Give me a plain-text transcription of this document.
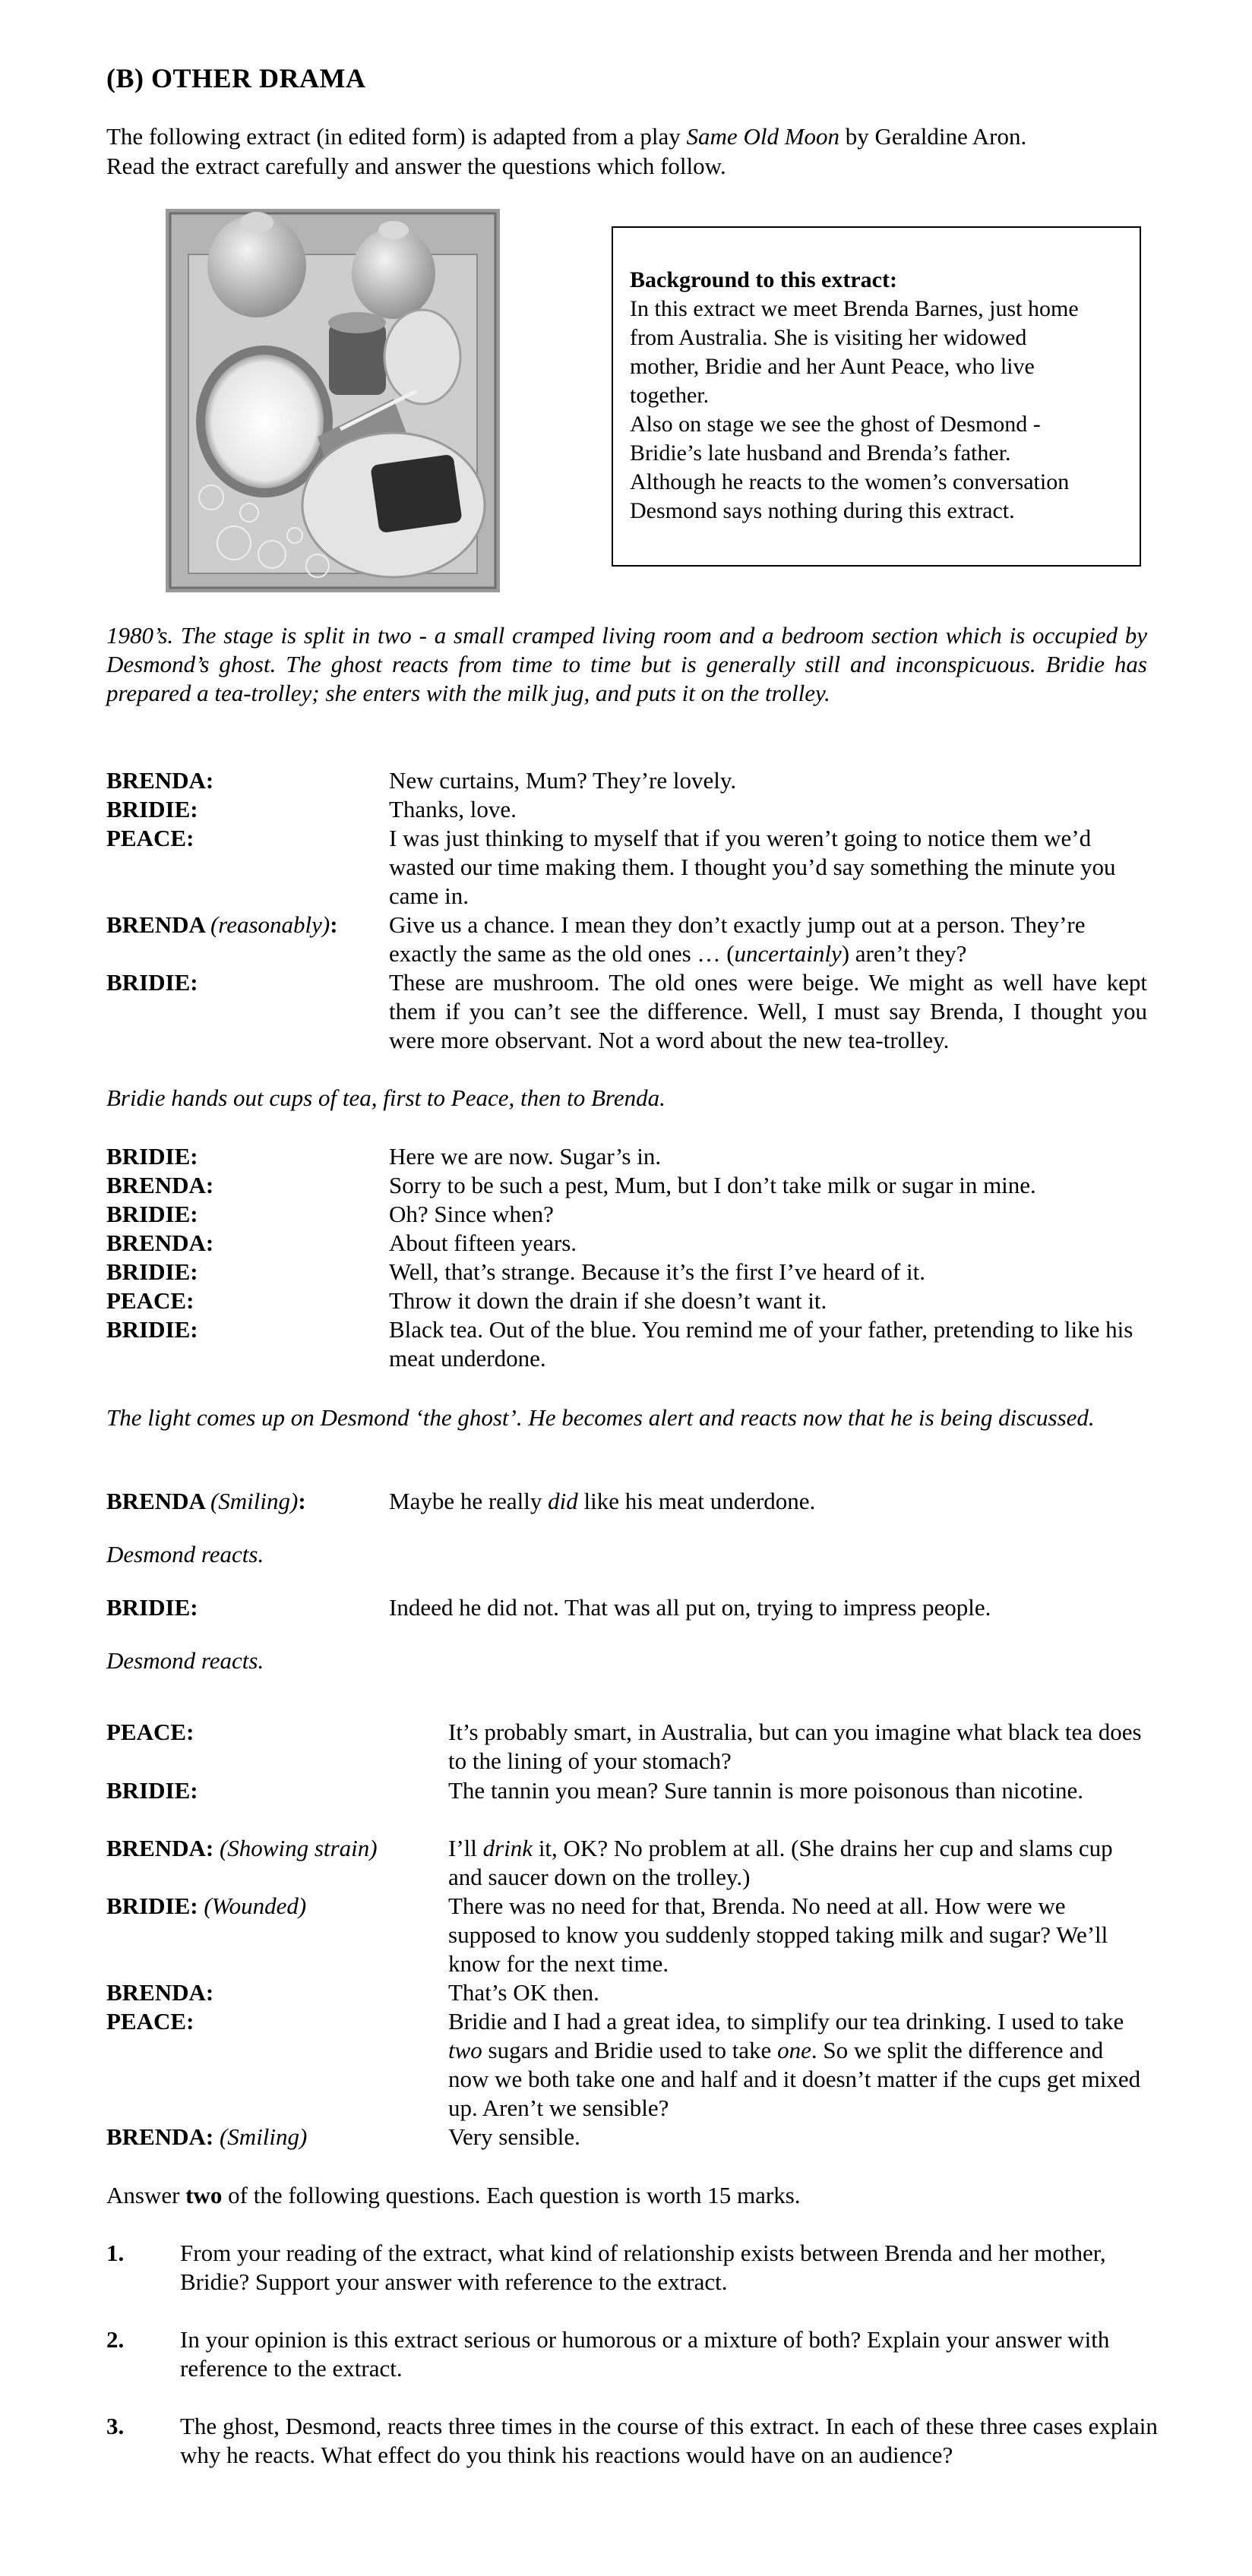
(B) OTHER DRAMA
The following extract (in edited form) is adapted from a play Same Old Moon by Geraldine Aron.
Read the extract carefully and answer the questions which follow.
Background to this extract:
In this extract we meet Brenda Barnes, just home
from Australia. She is visiting her widowed
mother, Bridie and her Aunt Peace, who live
together.
Also on stage we see the ghost of Desmond -
Bridie’s late husband and Brenda’s father.
Although he reacts to the women’s conversation
Desmond says nothing during this extract.
1980’s. The stage is split in two - a small cramped living room and a bedroom section which is occupied by Desmond’s ghost. The ghost reacts from time to time but is generally still and inconspicuous. Bridie has prepared a tea-trolley; she enters with the milk jug, and puts it on the trolley.
BRENDA:	New curtains, Mum? They’re lovely.
BRIDIE:	Thanks, love.
PEACE:	I was just thinking to myself that if you weren’t going to notice them we’d wasted our time making them. I thought you’d say something the minute you came in.
BRENDA (reasonably):	Give us a chance. I mean they don’t exactly jump out at a person. They’re exactly the same as the old ones … (uncertainly) aren’t they?
BRIDIE:	These are mushroom. The old ones were beige. We might as well have kept them if you can’t see the difference. Well, I must say Brenda, I thought you were more observant. Not a word about the new tea-trolley.
Bridie hands out cups of tea, first to Peace, then to Brenda.
BRIDIE:	Here we are now. Sugar’s in.
BRENDA:	Sorry to be such a pest, Mum, but I don’t take milk or sugar in mine.
BRIDIE:	Oh? Since when?
BRENDA:	About fifteen years.
BRIDIE:	Well, that’s strange. Because it’s the first I’ve heard of it.
PEACE:	Throw it down the drain if she doesn’t want it.
BRIDIE:	Black tea. Out of the blue. You remind me of your father, pretending to like his meat underdone.
The light comes up on Desmond ‘the ghost’. He becomes alert and reacts now that he is being discussed.
BRENDA (Smiling):	Maybe he really did like his meat underdone.
Desmond reacts.
BRIDIE:	Indeed he did not. That was all put on, trying to impress people.
Desmond reacts.
PEACE:	It’s probably smart, in Australia, but can you imagine what black tea does to the lining of your stomach?
BRIDIE:	The tannin you mean? Sure tannin is more poisonous than nicotine.
BRENDA: (Showing strain)	I’ll drink it, OK? No problem at all. (She drains her cup and slams cup and saucer down on the trolley.)
BRIDIE: (Wounded)	There was no need for that, Brenda. No need at all. How were we supposed to know you suddenly stopped taking milk and sugar? We’ll know for the next time.
BRENDA:	That’s OK then.
PEACE:	Bridie and I had a great idea, to simplify our tea drinking. I used to take two sugars and Bridie used to take one. So we split the difference and now we both take one and half and it doesn’t matter if the cups get mixed up. Aren’t we sensible?
BRENDA: (Smiling)	Very sensible.
Answer two of the following questions. Each question is worth 15 marks.
1.	From your reading of the extract, what kind of relationship exists between Brenda and her mother, Bridie? Support your answer with reference to the extract.
2.	In your opinion is this extract serious or humorous or a mixture of both? Explain your answer with reference to the extract.
3.	The ghost, Desmond, reacts three times in the course of this extract. In each of these three cases explain why he reacts. What effect do you think his reactions would have on an audience?
